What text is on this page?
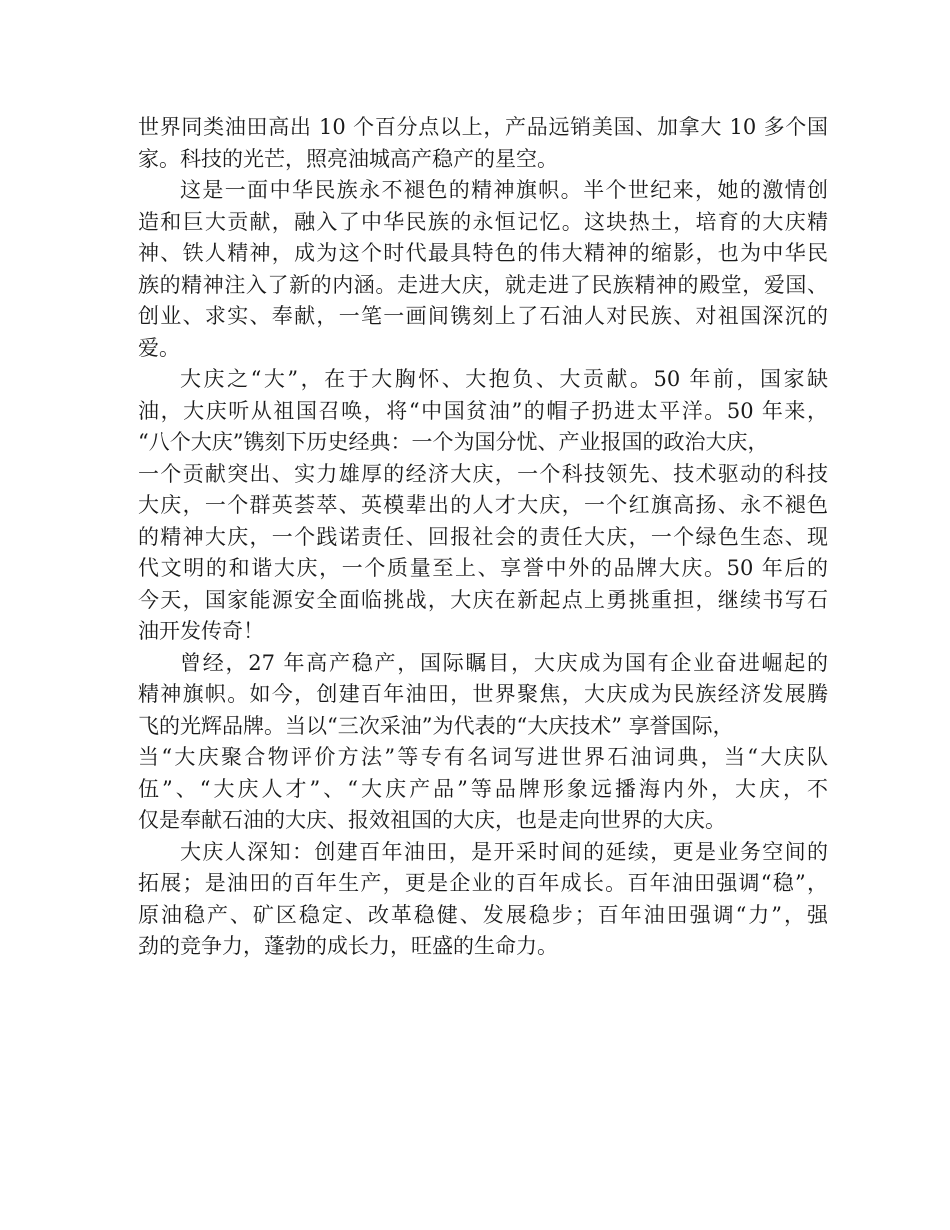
世界同类油田高出 10 个百分点以上，产品远销美国、加拿大 10 多个国
家。科技的光芒，照亮油城高产稳产的星空。
这是一面中华民族永不褪色的精神旗帜。半个世纪来，她的激情创
造和巨大贡献，融入了中华民族的永恒记忆。这块热土，培育的大庆精
神、铁人精神，成为这个时代最具特色的伟大精神的缩影，也为中华民
族的精神注入了新的内涵。走进大庆，就走进了民族精神的殿堂，爱国、
创业、求实、奉献，一笔一画间镌刻上了石油人对民族、对祖国深沉的
爱。
大庆之“大”，在于大胸怀、大抱负、大贡献。50 年前，国家缺
油，大庆听从祖国召唤，将“中国贫油”的帽子扔进太平洋。50 年来，
“八个大庆”镌刻下历史经典：一个为国分忧、产业报国的政治大庆，
一个贡献突出、实力雄厚的经济大庆，一个科技领先、技术驱动的科技
大庆，一个群英荟萃、英模辈出的人才大庆，一个红旗高扬、永不褪色
的精神大庆，一个践诺责任、回报社会的责任大庆，一个绿色生态、现
代文明的和谐大庆，一个质量至上、享誉中外的品牌大庆。50 年后的
今天，国家能源安全面临挑战，大庆在新起点上勇挑重担，继续书写石
油开发传奇！
曾经，27 年高产稳产，国际瞩目，大庆成为国有企业奋进崛起的
精神旗帜。如今，创建百年油田，世界聚焦，大庆成为民族经济发展腾
飞的光辉品牌。当以“三次采油”为代表的“大庆技术” 享誉国际，
当“大庆聚合物评价方法”等专有名词写进世界石油词典，当“大庆队
伍”、“大庆人才”、“大庆产品”等品牌形象远播海内外，大庆，不
仅是奉献石油的大庆、报效祖国的大庆，也是走向世界的大庆。
大庆人深知：创建百年油田，是开采时间的延续，更是业务空间的
拓展；是油田的百年生产，更是企业的百年成长。百年油田强调“稳”，
原油稳产、矿区稳定、改革稳健、发展稳步；百年油田强调“力”，强
劲的竞争力，蓬勃的成长力，旺盛的生命力。
